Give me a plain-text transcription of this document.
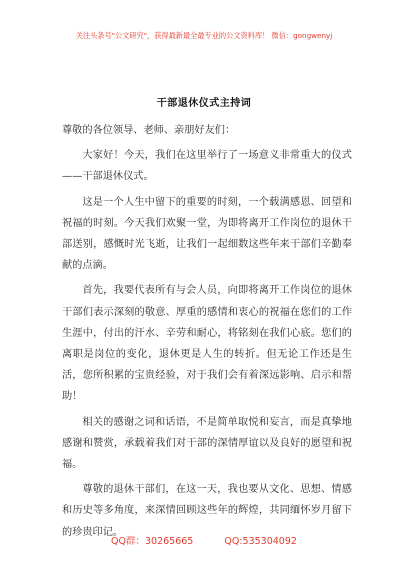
关注头条号"公文研究"，获得最新最全最专业的公文资料库！ 微信：gongwenyj
干部退休仪式主持词

尊敬的各位领导、老师、亲朋好友们：

大家好！今天，我们在这里举行了一场意义非常重大的仪式——干部退休仪式。

这是一个人生中留下的重要的时刻，一个载满感恩、回望和祝福的时刻。今天我们欢聚一堂，为即将离开工作岗位的退休干部送别，感慨时光飞逝，让我们一起细数这些年来干部们辛勤奉献的点滴。

首先，我要代表所有与会人员，向即将离开工作岗位的退休干部们表示深刻的敬意、厚重的感情和衷心的祝福在您们的工作生涯中，付出的汗水、辛劳和耐心，将铭刻在我们心底。您们的离职是岗位的变化，退休更是人生的转折。但无论工作还是生活，您所积累的宝贵经验，对于我们会有着深远影响、启示和帮助！

相关的感谢之词和话语，不是简单取悦和妄言，而是真挚地感谢和赞赏，承载着我们对干部的深情厚谊以及良好的愿望和祝福。

尊敬的退休干部们，在这一天，我也要从文化、思想、情感和历史等多角度，来深情回顾这些年的辉煌，共同缅怀岁月留下的珍贵印记。

QQ群：30265665	QQ:535304092
